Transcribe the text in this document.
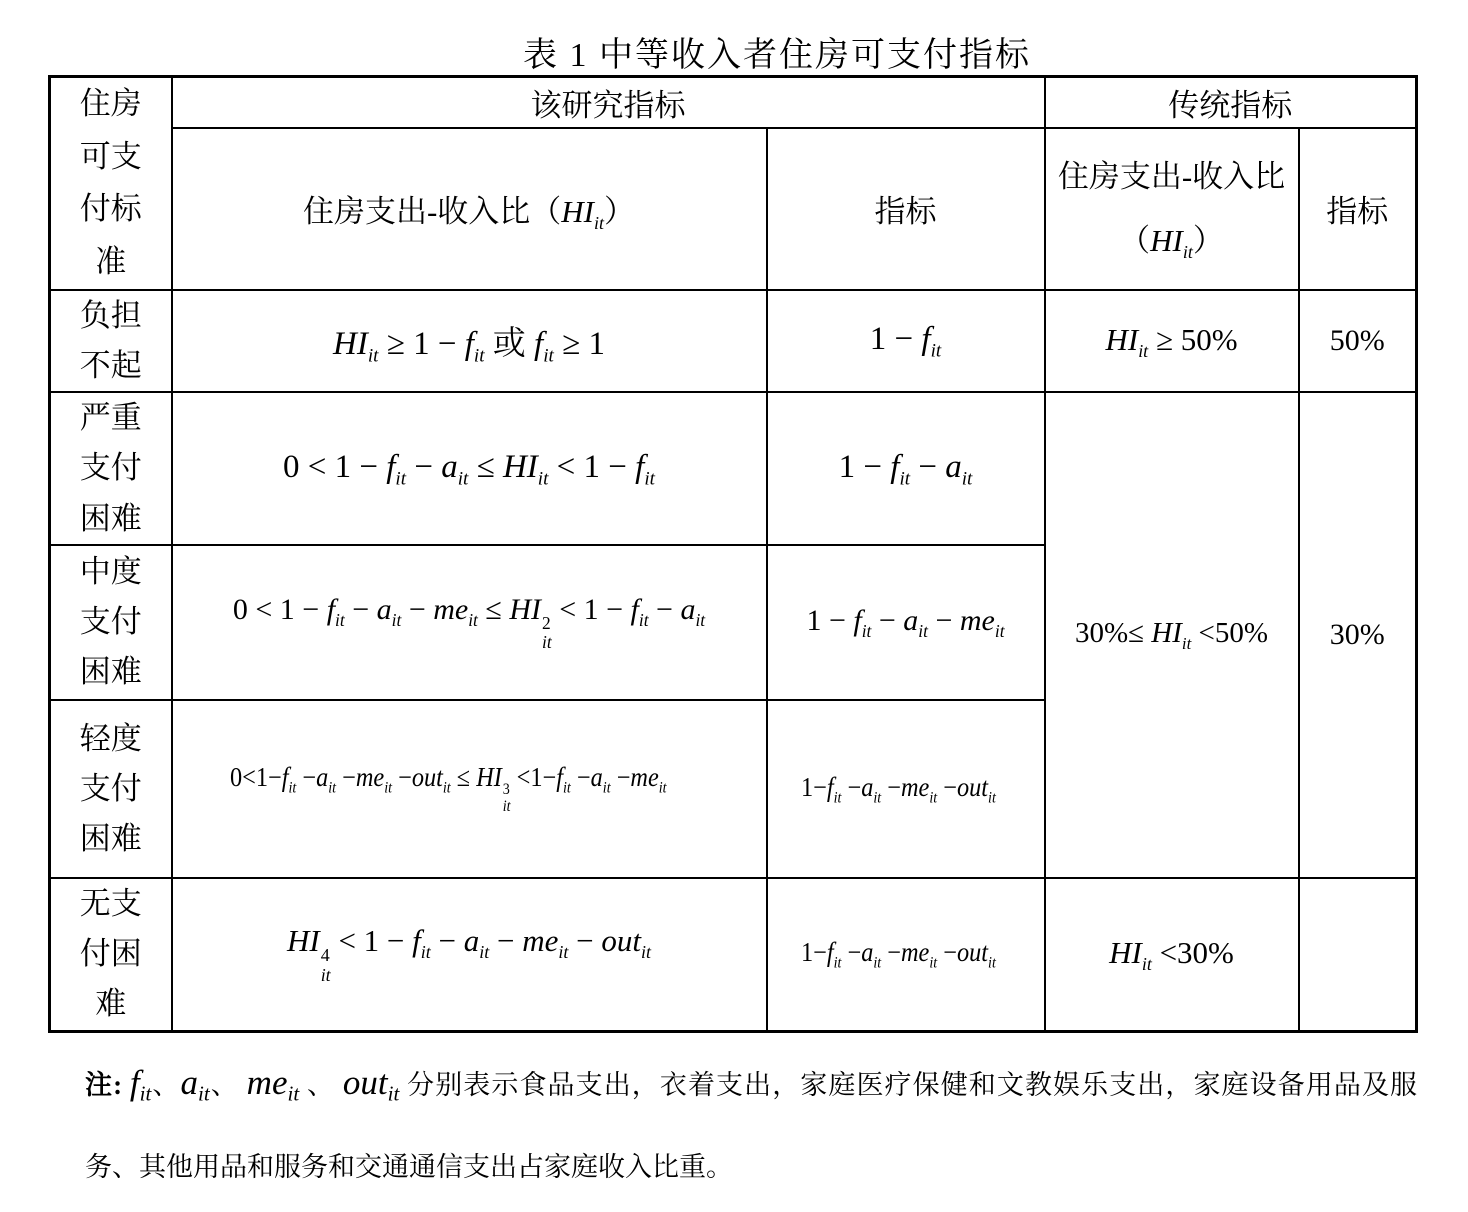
表 1 中等收入者住房可支付指标
住房可支付标准	该研究指标		传统指标	
	住房支出-收入比$(HI_{it})$	指标	住房支出-收入比$(HI_{it})$	指标

负担不起	$HI_{it} \ge 1 - f_{it}$ 或 $f_{it} \ge 1$	$1 - f_{it}$	$HI_{it} \ge 50\%$	50%

严重支付困难	$0 < 1 - f_{it} - a_{it} \le HI_{it} < 1 - f_{it}$	$1 - f_{it} - a_{it}$	$30\%\le HI_{it} <50\%$	30%

中度支付困难	$0 < 1 - f_{it} - a_{it} - me_{it}$ ≤ HI 2
it
< $1 - f_{it} - a_{it}$	$1 - f_{it} - a_{it} - me_{it}$

轻度支付困难	$0<1-f_{it} -a_{it} -me_{it} -out_{it}$ ≤ HI 3
it
$<1-f_{it} -a_{it} -me_{it}$	$1-f_{it} -a_{it} -me_{it} -out_{it}$

无支付困难	HI 4
it
< $1 - f_{it} - a_{it} - me_{it} - out_{it}$	$1-f_{it} -a_{it} -me_{it} -out_{it}$	$HI_{it} <30\%$	
注: $f_{it}$、$a_{it}$、 $me_{it}$ 、 out$_{it}$ 分别表示食品支出，衣着支出，家庭医疗保健和文教娱乐支出，家庭设备用品及服务、其他用品和服务和交通通信支出占家庭收入比重。
